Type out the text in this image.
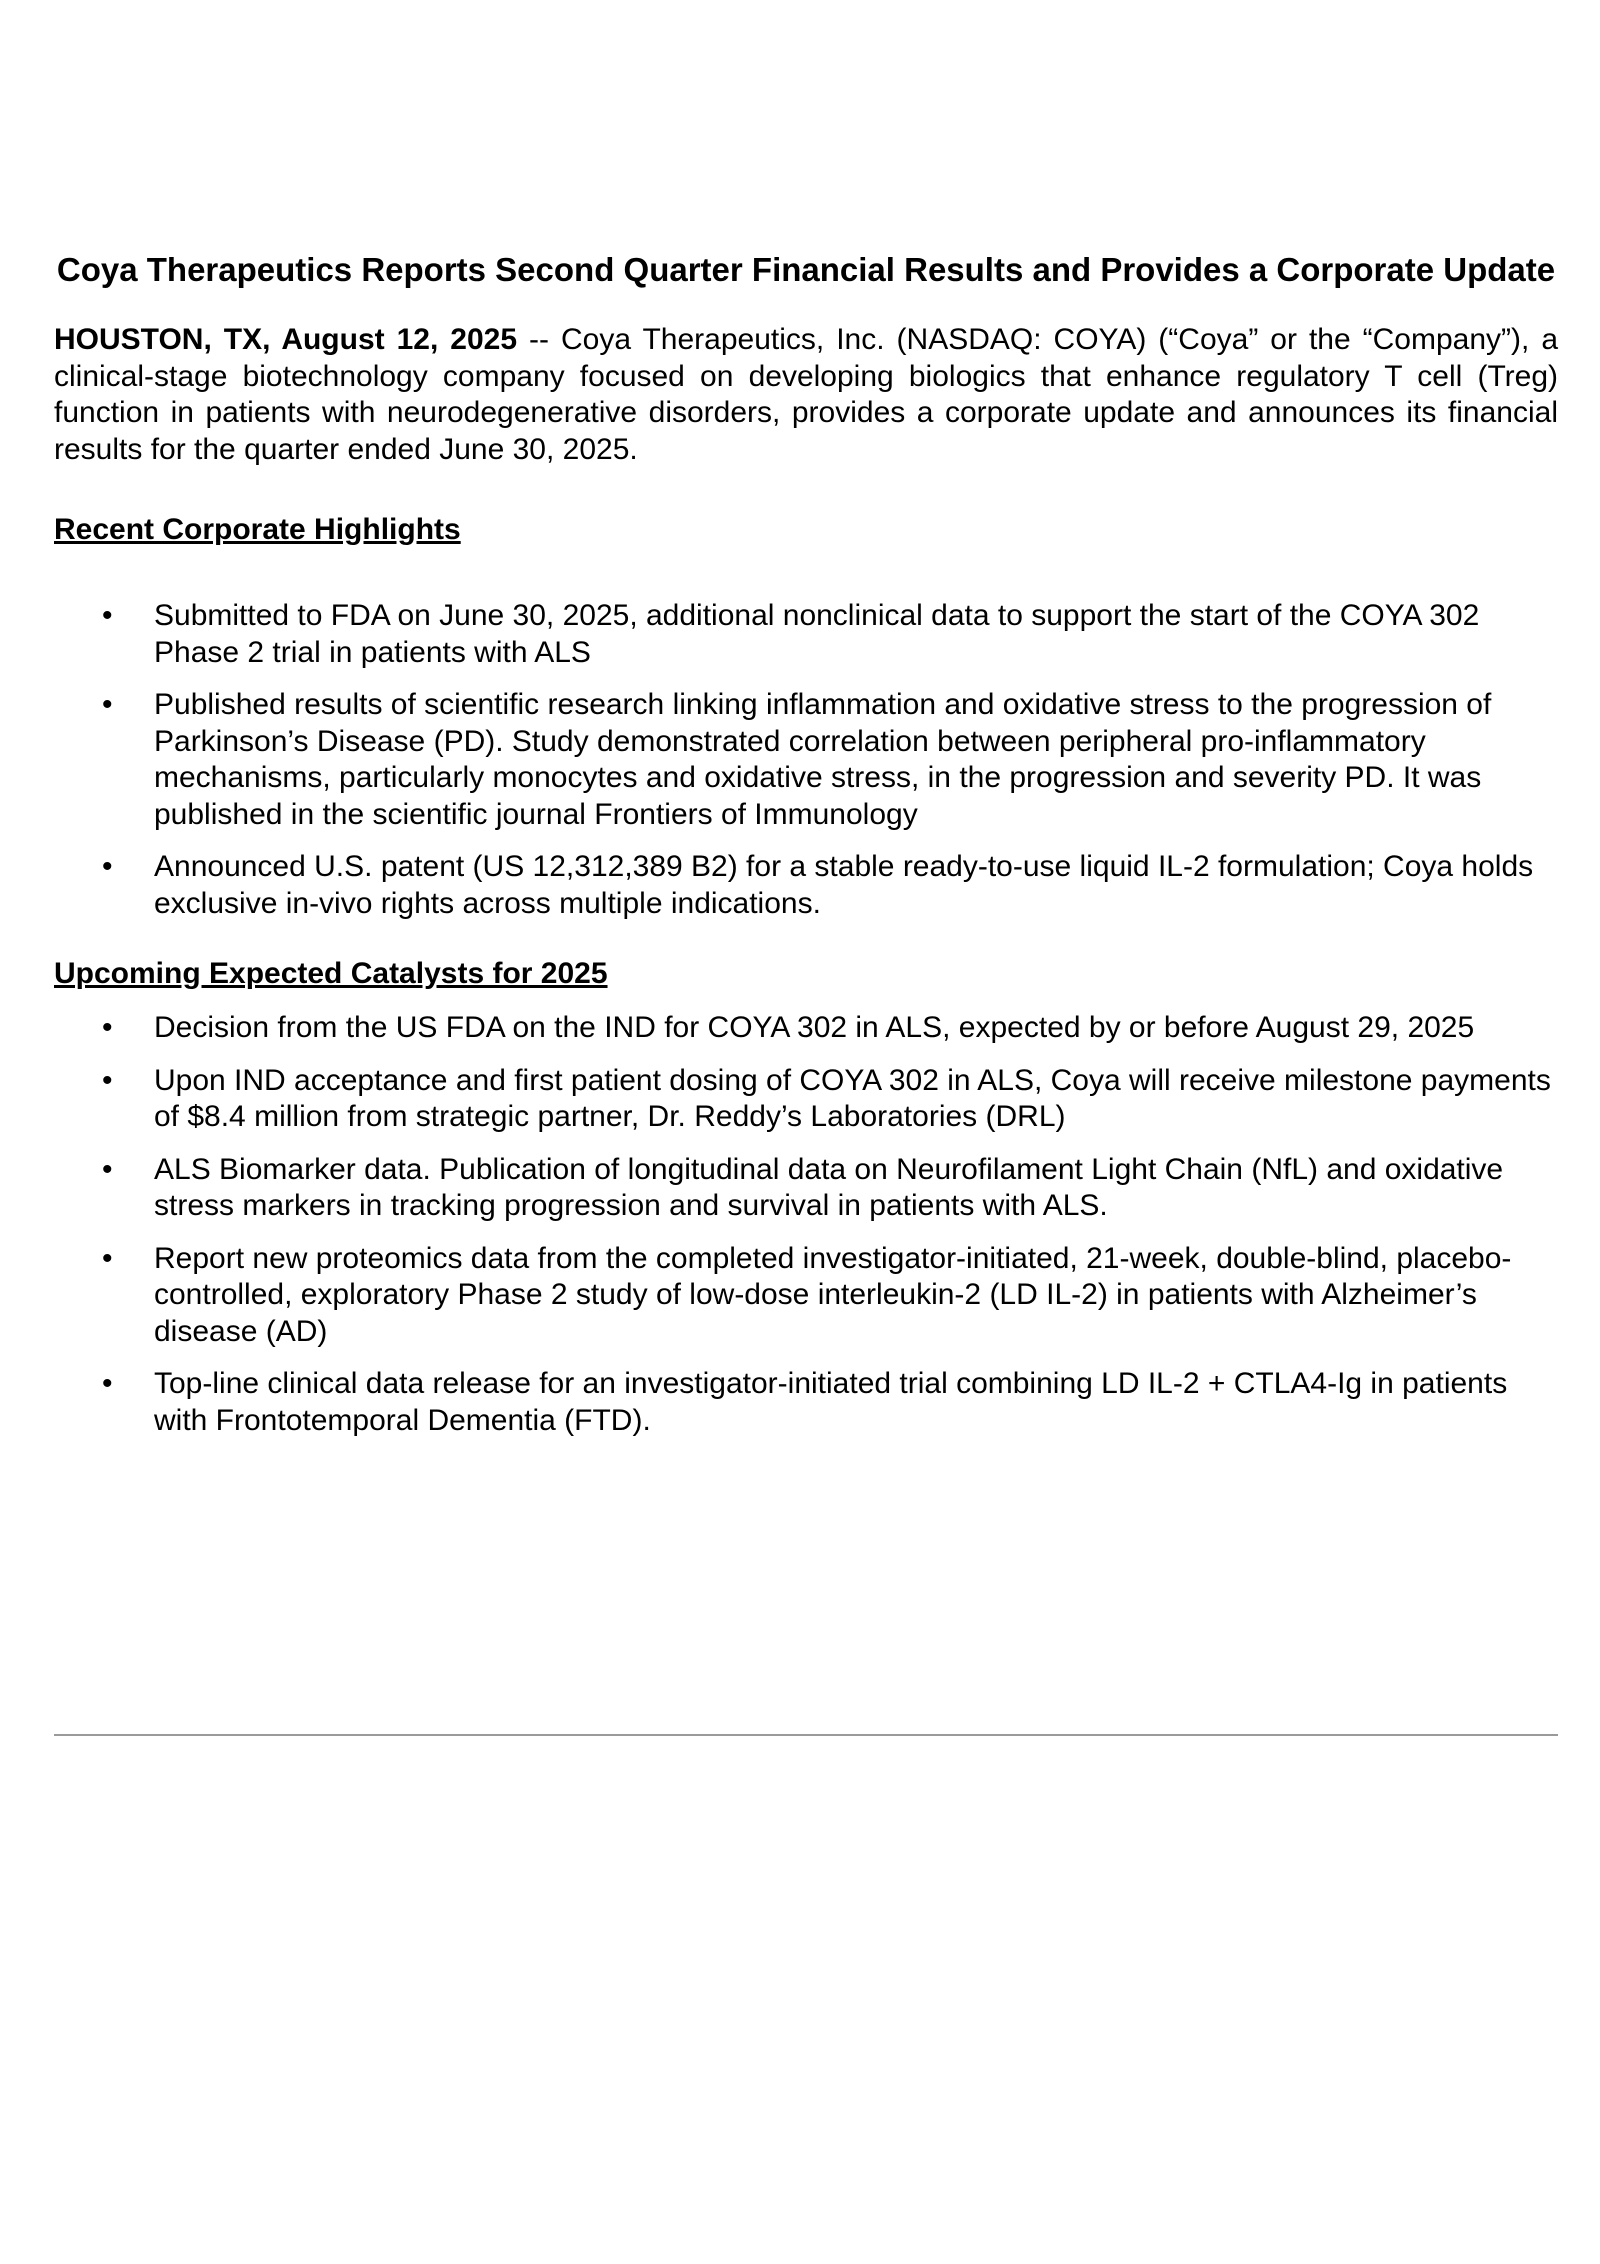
Coya Therapeutics Reports Second Quarter Financial Results and Provides a Corporate Update

HOUSTON, TX, August 12, 2025 -- Coya Therapeutics, Inc. (NASDAQ: COYA) (“Coya” or the “Company”), a clinical-stage biotechnology company focused on developing biologics that enhance regulatory T cell (Treg) function in patients with neurodegenerative disorders, provides a corporate update and announces its financial results for the quarter ended June 30, 2025.

Recent Corporate Highlights
• Submitted to FDA on June 30, 2025, additional nonclinical data to support the start of the COYA 302 Phase 2 trial in patients with ALS
• Published results of scientific research linking inflammation and oxidative stress to the progression of Parkinson’s Disease (PD). Study demonstrated correlation between peripheral pro-inflammatory mechanisms, particularly monocytes and oxidative stress, in the progression and severity PD. It was published in the scientific journal Frontiers of Immunology
• Announced U.S. patent (US 12,312,389 B2) for a stable ready-to-use liquid IL-2 formulation; Coya holds exclusive in-vivo rights across multiple indications.
Upcoming Expected Catalysts for 2025
• Decision from the US FDA on the IND for COYA 302 in ALS, expected by or before August 29, 2025
• Upon IND acceptance and first patient dosing of COYA 302 in ALS, Coya will receive milestone payments of $8.4 million from strategic partner, Dr. Reddy’s Laboratories (DRL)
• ALS Biomarker data. Publication of longitudinal data on Neurofilament Light Chain (NfL) and oxidative stress markers in tracking progression and survival in patients with ALS.
• Report new proteomics data from the completed investigator-initiated, 21-week, double-blind, placebo-controlled, exploratory Phase 2 study of low-dose interleukin-2 (LD IL-2) in patients with Alzheimer’s disease (AD)
• Top-line clinical data release for an investigator-initiated trial combining LD IL-2 + CTLA4-Ig in patients with Frontotemporal Dementia (FTD).
